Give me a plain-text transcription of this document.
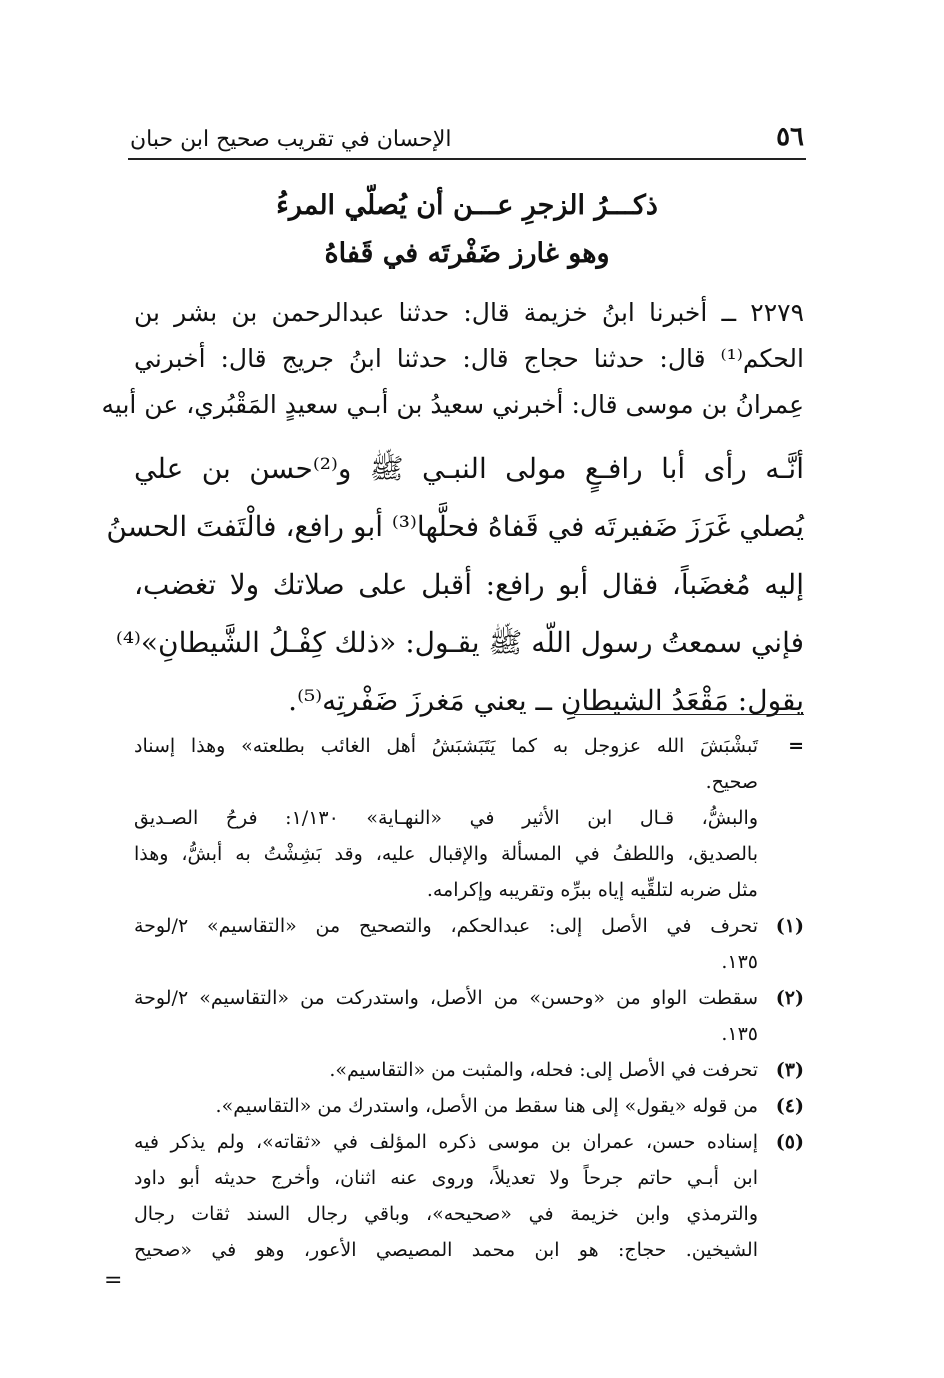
٥٦
الإحسان في تقريب صحيح ابن حبان
ذكـــرُ الزجرِ عـــن أن يُصلّي المرءُ
وهو غارز ضَفْرتَه في قَفاهُ
٢٢٧٩ ــ أخبرنا ابنُ خزيمة قال: حدثنا عبدالرحمن بن بشر بن
الحكم⁽¹⁾ قال: حدثنا حجاج قال: حدثنا ابنُ جريج قال: أخبرني
عِمرانُ بن موسى قال: أخبرني سعيدُ بن أبـي سعيدٍ المَقْبُري، عن أبيه
أنَّـه رأى أبا رافـعٍ مولى النبـي ﷺ و⁽²⁾حسن بن علي
يُصلي غَرَزَ ضَفيرتَه في قَفاهُ فحلَّها⁽³⁾ أبو رافع، فالْتَفتَ الحسنُ
إليه مُغضَباً، فقال أبو رافع: أقبل على صلاتك ولا تغضب،
فإني سمعتُ رسول اللّه ﷺ يقـول: «ذلك كِفْـلُ الشَّيطانِ»⁽⁴⁾
يقول: مَقْعَدُ الشيطانِ ــ يعني مَغرزَ ضَفْرتِه⁽⁵⁾.
=
تَبشْبَشَ الله عزوجل به كما يَتَبَشبَشُ أهل الغائب بطلعته» وهذا إسناد
صحيح.
والبشُّ، قـال ابن الأثير في «النهـاية» ١/١٣٠: فرحُ الصـديق
بالصديق، واللطفُ في المسألة والإقبال عليه، وقد بَشِشْتُ به أبشُّ، وهذا
مثل ضربه لتلقِّيه إياه ببرِّه وتقريبه وإكرامه.
(١)
تحرف في الأصل إلى: عبدالحكم، والتصحيح من «التقاسيم» ٢/لوحة
١٣٥.
(٢)
سقطت الواو من «وحسن» من الأصل، واستدركت من «التقاسيم» ٢/لوحة
١٣٥.
(٣)
تحرفت في الأصل إلى: فحله، والمثبت من «التقاسيم».
(٤)
من قوله «يقول» إلى هنا سقط من الأصل، واستدرك من «التقاسيم».
(٥)
إسناده حسن، عمران بن موسى ذكره المؤلف في «ثقاته»، ولم يذكر فيه
ابن أبـي حاتم جرحاً ولا تعديلاً، وروى عنه اثنان، وأخرج حديثه أبو داود
والترمذي وابن خزيمة في «صحيحه»، وباقي رجال السند ثقات رجال
الشيخين. حجاج: هو ابن محمد المصيصي الأعور، وهو في «صحيح
=
